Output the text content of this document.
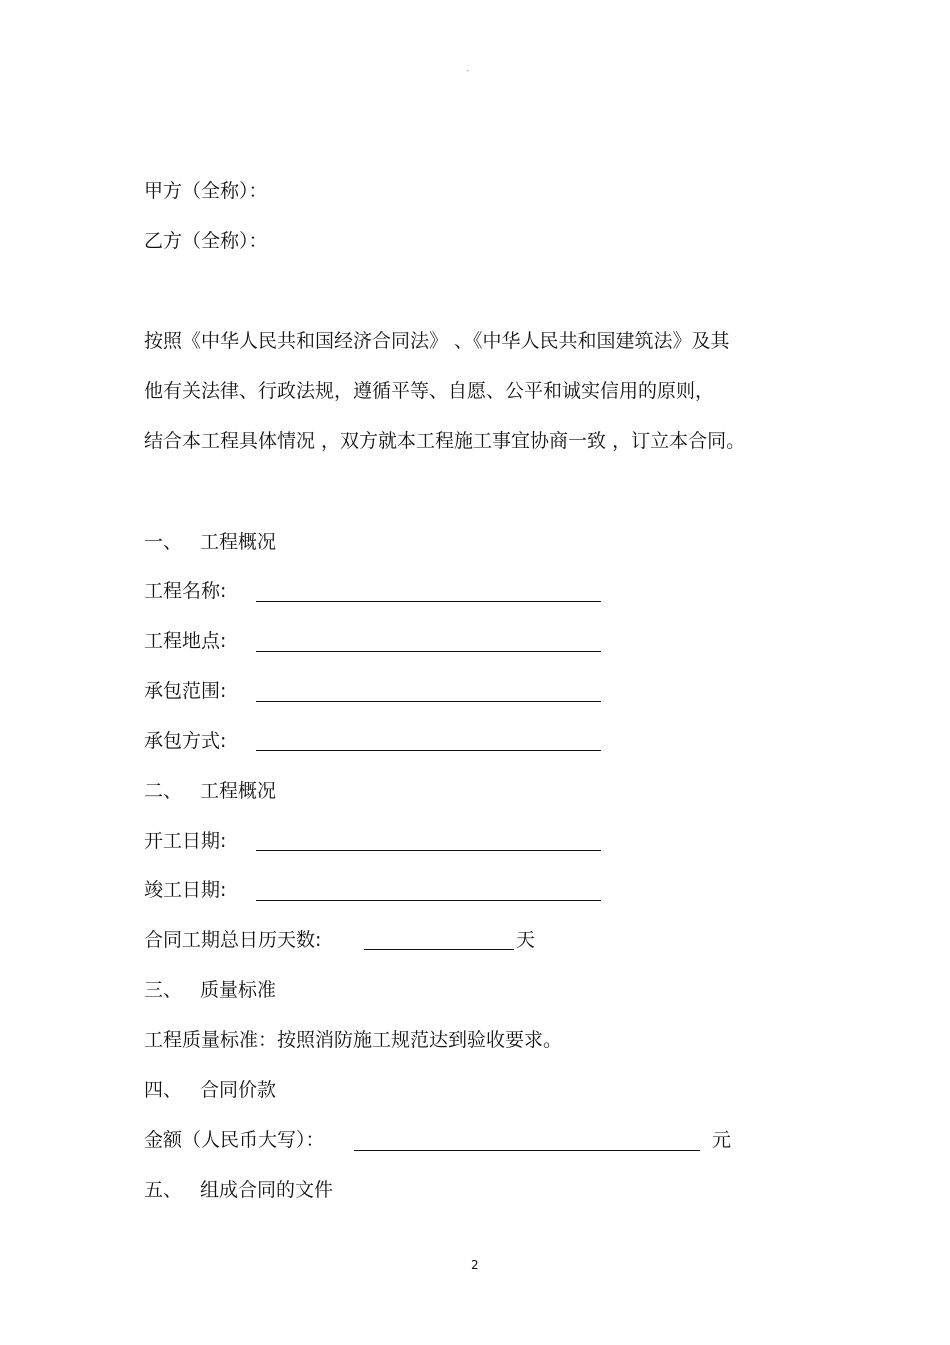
-
甲方（全称）：
乙方（全称）：
按照《中华人民共和国经济合同法》 、《中华人民共和国建筑法》及其
他有关法律、行政法规，遵循平等、自愿、公平和诚实信用的原则，
结合本工程具体情况 ，双方就本工程施工事宜协商一致 ，订立本合同。
一、 工程概况
工程名称:
工程地点:
承包范围:
承包方式:
二、 工程概况
开工日期:
竣工日期:
合同工期总日历天数:	天
三、 质量标准
工程质量标准：按照消防施工规范达到验收要求。
四、 合同价款
金额（人民币大写）：	元
五、 组成合同的文件
2
